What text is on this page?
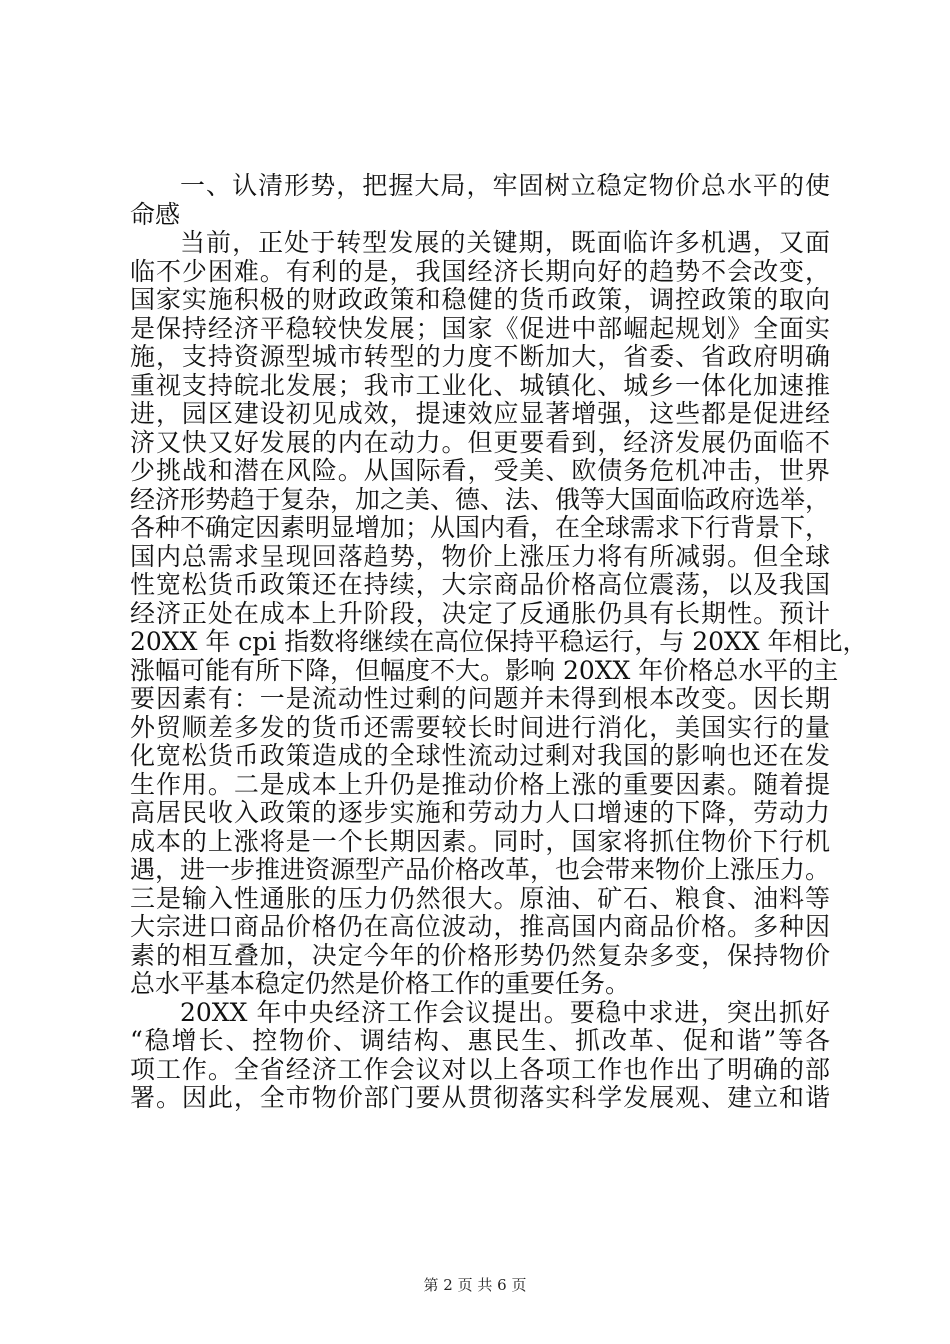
一、认清形势，把握大局，牢固树立稳定物价总水平的使
命感
当前，正处于转型发展的关键期，既面临许多机遇，又面
临不少困难。有利的是，我国经济长期向好的趋势不会改变，
国家实施积极的财政政策和稳健的货币政策，调控政策的取向
是保持经济平稳较快发展；国家《促进中部崛起规划》全面实
施，支持资源型城市转型的力度不断加大，省委、省政府明确
重视支持皖北发展；我市工业化、城镇化、城乡一体化加速推
进，园区建设初见成效，提速效应显著增强，这些都是促进经
济又快又好发展的内在动力。但更要看到，经济发展仍面临不
少挑战和潜在风险。从国际看，受美、欧债务危机冲击，世界
经济形势趋于复杂，加之美、德、法、俄等大国面临政府选举，
各种不确定因素明显增加；从国内看，在全球需求下行背景下，
国内总需求呈现回落趋势，物价上涨压力将有所减弱。但全球
性宽松货币政策还在持续，大宗商品价格高位震荡，以及我国
经济正处在成本上升阶段，决定了反通胀仍具有长期性。预计
20XX 年 cpi 指数将继续在高位保持平稳运行，与 20XX 年相比，
涨幅可能有所下降，但幅度不大。影响 20XX 年价格总水平的主
要因素有：一是流动性过剩的问题并未得到根本改变。因长期
外贸顺差多发的货币还需要较长时间进行消化，美国实行的量
化宽松货币政策造成的全球性流动过剩对我国的影响也还在发
生作用。二是成本上升仍是推动价格上涨的重要因素。随着提
高居民收入政策的逐步实施和劳动力人口增速的下降，劳动力
成本的上涨将是一个长期因素。同时，国家将抓住物价下行机
遇，进一步推进资源型产品价格改革，也会带来物价上涨压力。
三是输入性通胀的压力仍然很大。原油、矿石、粮食、油料等
大宗进口商品价格仍在高位波动，推高国内商品价格。多种因
素的相互叠加，决定今年的价格形势仍然复杂多变，保持物价
总水平基本稳定仍然是价格工作的重要任务。
20XX 年中央经济工作会议提出。要稳中求进，突出抓好
“稳增长、控物价、调结构、惠民生、抓改革、促和谐”等各
项工作。全省经济工作会议对以上各项工作也作出了明确的部
署。因此，全市物价部门要从贯彻落实科学发展观、建立和谐
第 2 页 共 6 页
